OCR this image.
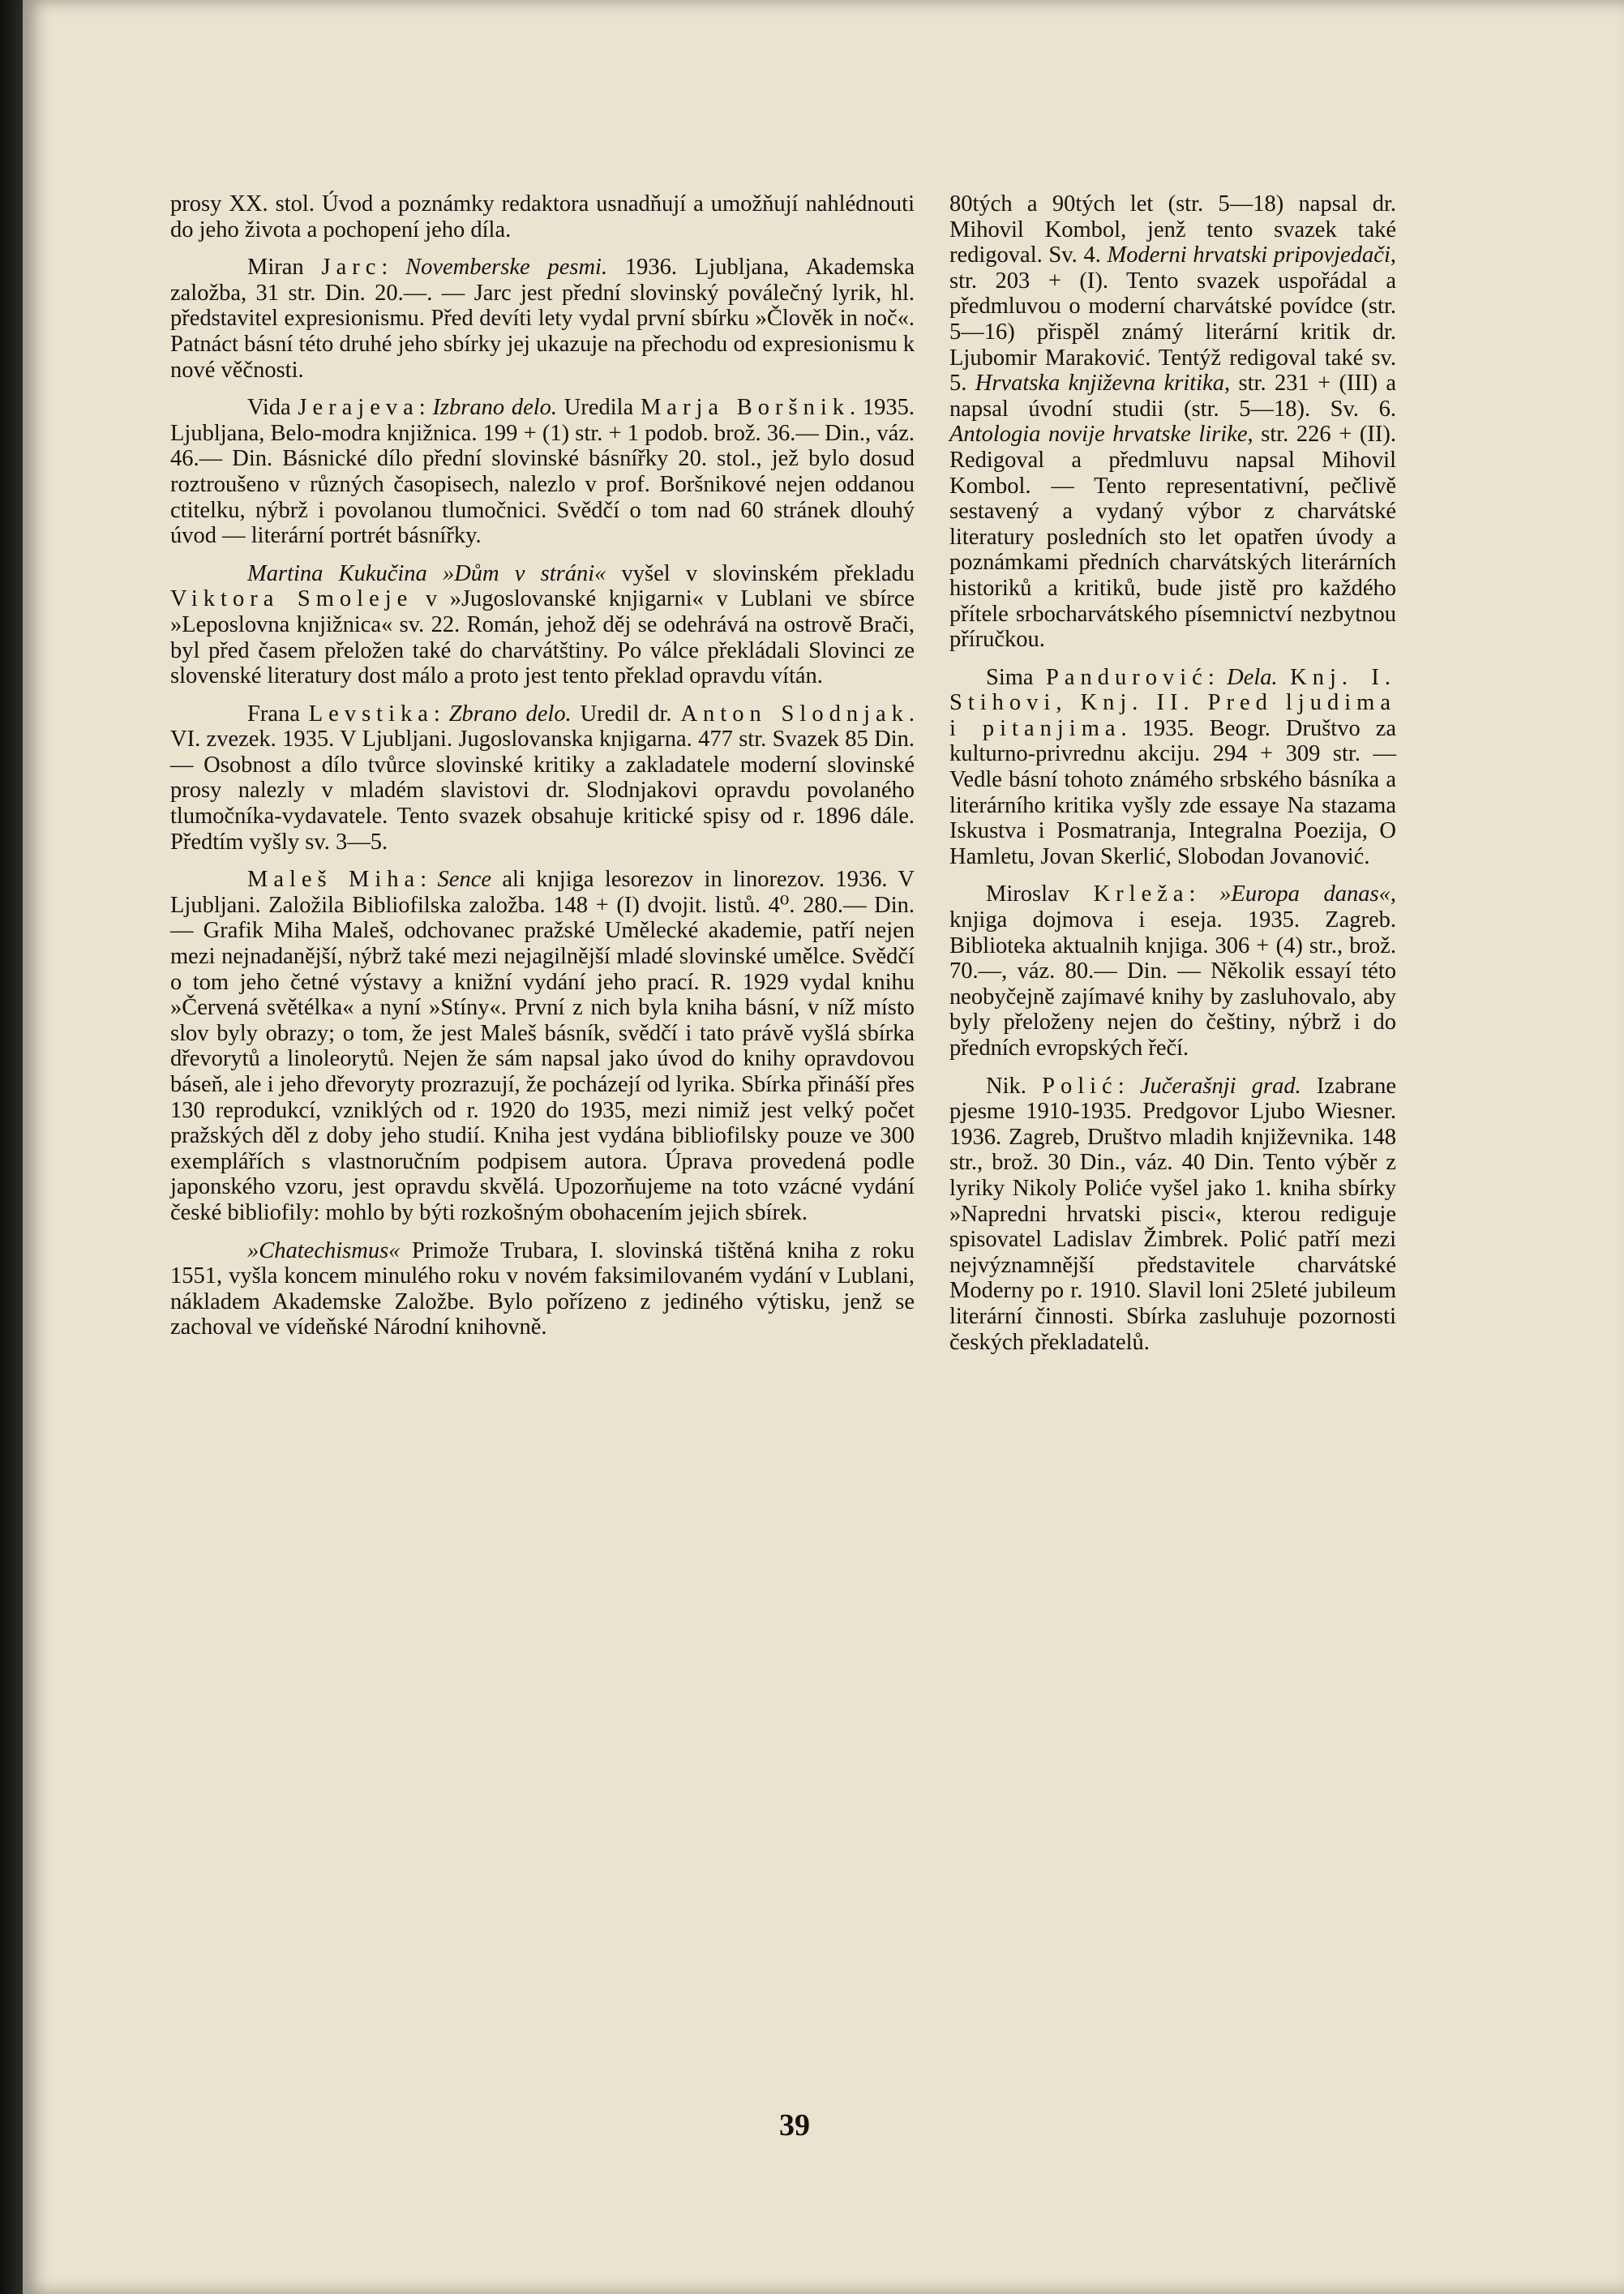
prosy XX. stol. Úvod a poznámky redaktora usnadňují a umožňují nahlédnouti do jeho života a pochopení jeho díla.

Miran Jarc: Novemberske pesmi. 1936. Ljubljana, Akademska založba, 31 str. Din. 20.—. — Jarc jest přední slovinský poválečný lyrik, hl. představitel expresionismu. Před devíti lety vydal první sbírku »Člověk in noč«. Patnáct básní této druhé jeho sbírky jej ukazuje na přechodu od expresionismu k nové věčnosti.

Vida Jerajeva: Izbrano delo. Uredila Marja Boršnik. 1935. Ljubljana, Belo-modra knjižnica. 199 + (1) str. + 1 podob. brož. 36.— Din., váz. 46.— Din. Básnické dílo přední slovinské básnířky 20. stol., jež bylo dosud roztroušeno v různých časopisech, nalezlo v prof. Boršnikové nejen oddanou ctitelku, nýbrž i povolanou tlumočnici. Svědčí o tom nad 60 stránek dlouhý úvod — literární portrét básnířky.

Martina Kukučina »Dům v stráni« vyšel v slovinském překladu Viktora Smoleje v »Jugoslovanské knjigarni« v Lublani ve sbírce »Leposlovna knjižnica« sv. 22. Román, jehož děj se odehrává na ostrově Brači, byl před časem přeložen také do charvátštiny. Po válce překládali Slovinci ze slovenské literatury dost málo a proto jest tento překlad opravdu vítán.

Frana Levstika: Zbrano delo. Uredil dr. Anton Slodnjak. VI. zvezek. 1935. V Ljubljani. Jugoslovanska knjigarna. 477 str. Svazek 85 Din. — Osobnost a dílo tvůrce slovinské kritiky a zakladatele moderní slovinské prosy nalezly v mladém slavistovi dr. Slodnjakovi opravdu povolaného tlumočníka-vydavatele. Tento svazek obsahuje kritické spisy od r. 1896 dále. Předtím vyšly sv. 3—5.

Maleš Miha: Sence ali knjiga lesorezov in linorezov. 1936. V Ljubljani. Založila Bibliofilska založba. 148 + (I) dvojit. listů. 4⁰. 280.— Din. — Grafik Miha Maleš, odchovanec pražské Umělecké akademie, patří nejen mezi nejnadanější, nýbrž také mezi nejagilnější mladé slovinské umělce. Svědčí o tom jeho četné výstavy a knižní vydání jeho prací. R. 1929 vydal knihu »Červená světélka« a nyní »Stíny«. První z nich byla kniha básní, v níž místo slov byly obrazy; o tom, že jest Maleš básník, svědčí i tato právě vyšlá sbírka dřevorytů a linoleorytů. Nejen že sám napsal jako úvod do knihy opravdovou báseň, ale i jeho dřevoryty prozrazují, že pocházejí od lyrika. Sbírka přináší přes 130 reprodukcí, vzniklých od r. 1920 do 1935, mezi nimiž jest velký počet pražských děl z doby jeho studií. Kniha jest vydána bibliofilsky pouze ve 300 exemplářích s vlastnoručním podpisem autora. Úprava provedená podle japonského vzoru, jest opravdu skvělá. Upozorňujeme na toto vzácné vydání české bibliofily: mohlo by býti rozkošným obohacením jejich sbírek.

»Chatechismus« Primože Trubara, I. slovinská tištěná kniha z roku 1551, vyšla koncem minulého roku v novém faksimilovaném vydání v Lublani, nákladem Akademske Založbe. Bylo pořízeno z jediného výtisku, jenž se zachoval ve vídeňské Národní knihovně.

80tých a 90tých let (str. 5—18) napsal dr. Mihovil Kombol, jenž tento svazek také redigoval. Sv. 4. Moderni hrvatski pripovjedači, str. 203 + (I). Tento svazek uspořádal a předmluvou o moderní charvátské povídce (str. 5—16) přispěl známý literární kritik dr. Ljubomir Maraković. Tentýž redigoval také sv. 5. Hrvatska književna kritika, str. 231 + (III) a napsal úvodní studii (str. 5—18). Sv. 6. Antologia novije hrvatske lirike, str. 226 + (II). Redigoval a předmluvu napsal Mihovil Kombol. — Tento representativní, pečlivě sestavený a vydaný výbor z charvátské literatury posledních sto let opatřen úvody a poznámkami předních charvátských literárních historiků a kritiků, bude jistě pro každého přítele srbocharvátského písemnictví nezbytnou příručkou.

Sima Pandurović: Dela. Knj. I. Stihovi, Knj. II. Pred ljudima i pitanjima. 1935. Beogr. Društvo za kulturno-privrednu akciju. 294 + 309 str. — Vedle básní tohoto známého srbského básníka a literárního kritika vyšly zde essaye Na stazama Iskustva i Posmatranja, Integralna Poezija, O Hamletu, Jovan Skerlić, Slobodan Jovanović.

Miroslav Krleža: »Europa danas«, knjiga dojmova i eseja. 1935. Zagreb. Biblioteka aktualnih knjiga. 306 + (4) str., brož. 70.—, váz. 80.— Din. — Několik essayí této neobyčejně zajímavé knihy by zasluhovalo, aby byly přeloženy nejen do češtiny, nýbrž i do předních evropských řečí.

Nik. Polić: Jučerašnji grad. Izabrane pjesme 1910-1935. Predgovor Ljubo Wiesner. 1936. Zagreb, Društvo mladih književnika. 148 str., brož. 30 Din., váz. 40 Din. Tento výběr z lyriky Nikoly Poliće vyšel jako 1. kniha sbírky »Napredni hrvatski pisci«, kterou rediguje spisovatel Ladislav Žimbrek. Polić patří mezi nejvýznamnější představitele charvátské Moderny po r. 1910. Slavil loni 25leté jubileum literární činnosti. Sbírka zasluhuje pozornosti českých překladatelů.

39
